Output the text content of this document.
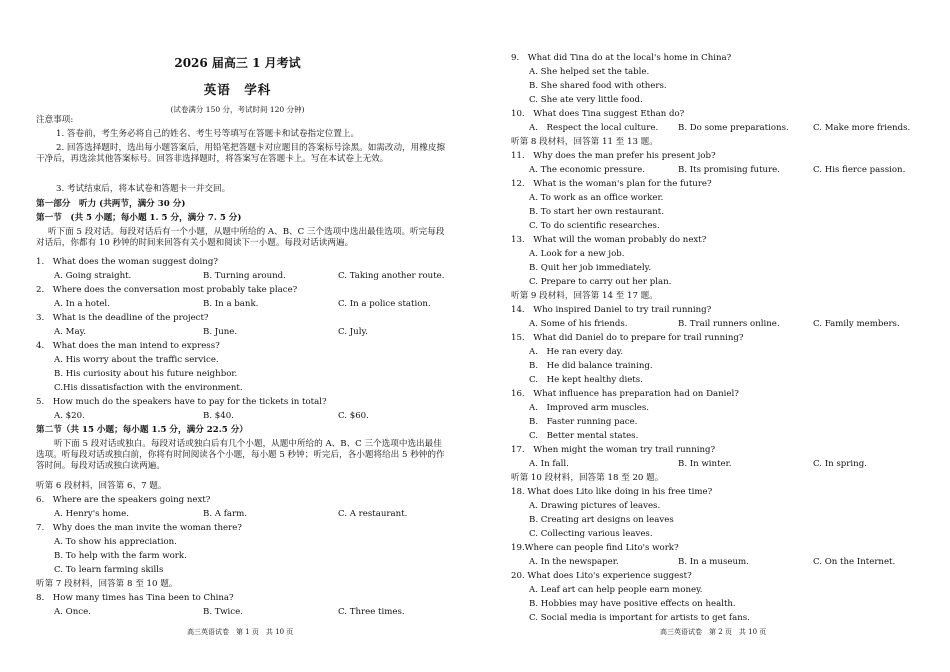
2026 届高三 1 月考试
英语　学科
(试卷满分 150 分，考试时间 120 分钟)
注意事项:
1. 答卷前，考生务必将自己的姓名、考生号等填写在答题卡和试卷指定位置上。
2. 回答选择题时，选出每小题答案后，用铅笔把答题卡对应题目的答案标号涂黑。如需改动，用橡皮擦干净后，再选涂其他答案标号。回答非选择题时，将答案写在答题卡上。写在本试卷上无效。
3. 考试结束后，将本试卷和答题卡一并交回。
第一部分　听力 (共两节，满分 30 分)
第一节　(共 5 小题；每小题 1. 5 分，满分 7. 5 分)
听下面 5 段对话。每段对话后有一个小题，从题中所给的 A、B、C 三个选项中选出最佳选项。听完每段对话后，你都有 10 秒钟的时间来回答有关小题和阅读下一小题。每段对话读两遍。
1.　What does the woman suggest doing?
A. Going straight.	B. Turning around.	C. Taking another route.
2.　Where does the conversation most probably take place?
A. In a hotel.	B. In a bank.	C. In a police station.
3.　What is the deadline of the project?
A. May.	B. June.	C. July.
4.　What does the man intend to express?
A. His worry about the traffic service.
B. His curiosity about his future neighbor.
C.His dissatisfaction with the environment.
5.　How much do the speakers have to pay for the tickets in total?
A. $20.	B. $40.	C. $60.
第二节（共 15 小题；每小题 1.5 分，满分 22.5 分）
听下面 5 段对话或独白。每段对话或独白后有几个小题，从题中所给的 A、B、C 三个选项中选出最佳选项。听每段对话或独白前，你将有时间阅读各个小题，每小题 5 秒钟；听完后，各小题将给出 5 秒钟的作答时间。每段对话或独白读两遍。
听第 6 段材料，回答第 6、7 题。
6.　Where are the speakers going next?
A. Henry's home.	B. A farm.	C. A restaurant.
7.　Why does the man invite the woman there?
A. To show his appreciation.
B. To help with the farm work.
C. To learn farming skills
听第 7 段材料，回答第 8 至 10 题。
8.　How many times has Tina been to China?
A. Once.	B. Twice.	C. Three times.
高三英语试卷　第 1 页　共 10 页
9.　What did Tina do at the local's home in China?
A. She helped set the table.
B. She shared food with others.
C. She ate very little food.
10.　What does Tina suggest Ethan do?
A.　Respect the local culture. B. Do some preparations.	C. Make more friends.
听第 8 段材料，回答第 11 至 13 题。
11.　Why does the man prefer his present job?
A. The economic pressure.	B. Its promising future.	C. His fierce passion.
12.　What is the woman's plan for the future?
A. To work as an office worker.
B. To start her own restaurant.
C. To do scientific researches.
13.　What will the woman probably do next?
A. Look for a new job.
B. Quit her job immediately.
C. Prepare to carry out her plan.
听第 9 段材料，回答第 14 至 17 题。
14.　Who inspired Daniel to try trail running?
A. Some of his friends.	B. Trail runners online.	C. Family members.
15.　What did Daniel do to prepare for trail running?
A.　He ran every day.
B.　He did balance training.
C.　He kept healthy diets.
16.　What influence has preparation had on Daniel?
A.　Improved arm muscles.
B.　Faster running pace.
C.　Better mental states.
17.　When might the woman try trail running?
A. In fall.	B. In winter.	C. In spring.
听第 10 段材料，回答第 18 至 20 题。
18. What does Lito like doing in his free time?
A. Drawing pictures of leaves.
B. Creating art designs on leaves
C. Collecting various leaves.
19.Where can people find Lito's work?
A. In the newspaper.	B. In a museum.	C. On the Internet.
20. What does Lito's experience suggest?
A. Leaf art can help people earn money.
B. Hobbies may have positive effects on health.
C. Social media is important for artists to get fans.
高三英语试卷　第 2 页　共 10 页
